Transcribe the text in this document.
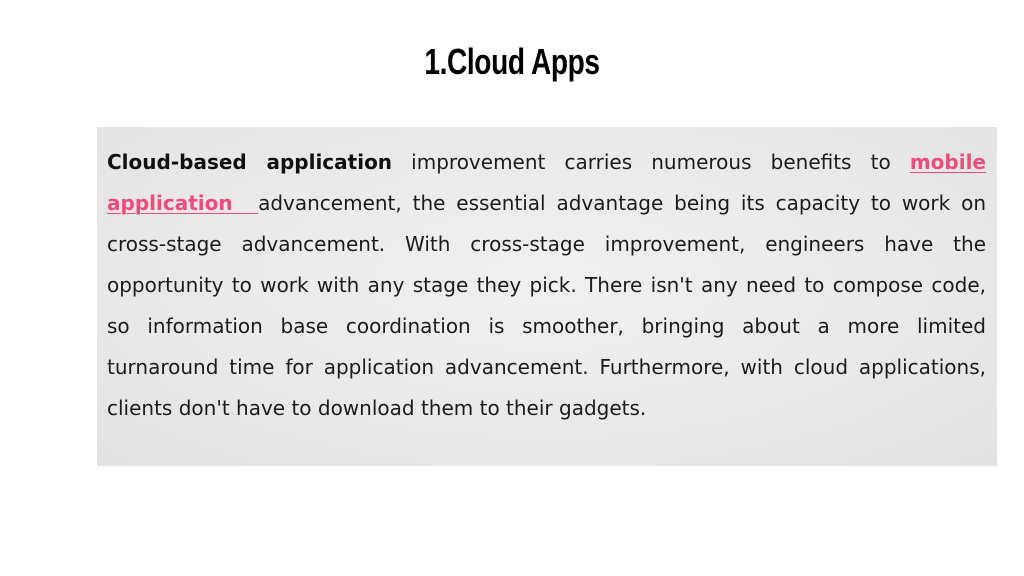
1.Cloud Apps

Cloud-based application improvement carries numerous benefits to mobile application advancement, the essential advantage being its capacity to work on cross-stage advancement. With cross-stage improvement, engineers have the opportunity to work with any stage they pick. There isn't any need to compose code, so information base coordination is smoother, bringing about a more limited turnaround time for application advancement. Furthermore, with cloud applications, clients don't have to download them to their gadgets.
